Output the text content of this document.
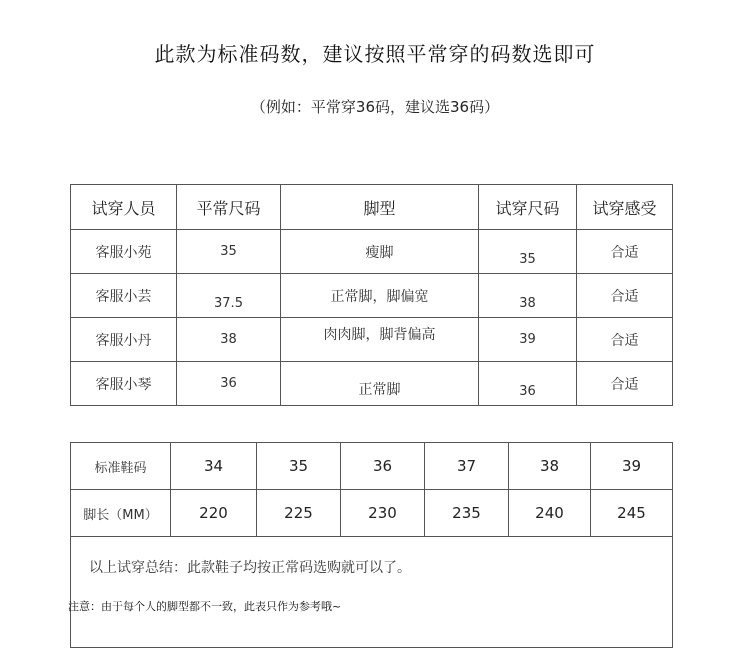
此款为标准码数，建议按照平常穿的码数选即可
（例如：平常穿36码，建议选36码）
试穿人员	平常尺码	脚型	试穿尺码	试穿感受
客服小苑	35	瘦脚	35	合适
客服小芸	37.5	正常脚，脚偏宽	38	合适
客服小丹	38	肉肉脚，脚背偏高	39	合适
客服小琴	36	正常脚	36	合适
标准鞋码	34	35	36	37	38	39
脚长（MM）	220	225	230	235	240	245
以上试穿总结：此款鞋子均按正常码选购就可以了。						
注意：由于每个人的脚型都不一致，此表只作为参考哦~
